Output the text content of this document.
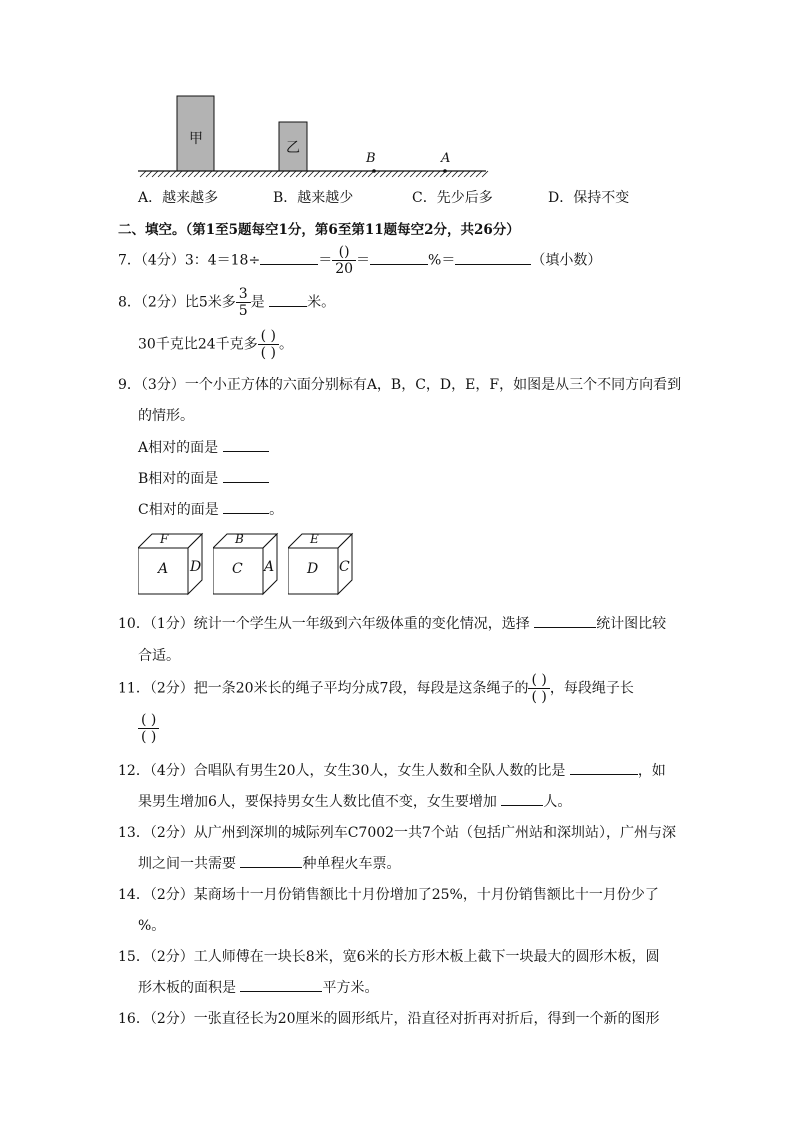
甲
乙
B	A
A．越来越多	B．越来越少	C．先少后多	D．保持不变
二、填空。（第1至5题每空1分，第6至第11题每空2分，共26分）
7．（4分）3：4＝18÷	＝ $\frac{()}{20}$ ＝	%＝	（填小数）
8．（2分）比5米多 $\frac{3}{5}$ 是	米。
30千克比24千克多 $\frac{( )}{( )}$ 。
9．（3分）一个小正方体的六面分别标有A，B，C，D，E，F，如图是从三个不同方向看到
的情形。
A相对的面是
B相对的面是
C相对的面是	。
F
A D
B
C A
E
D C
10．（1分）统计一个学生从一年级到六年级体重的变化情况，选择	统计图比较
合适。
11．（2分）把一条20米长的绳子平均分成7段，每段是这条绳子的 $\frac{( )}{( )}$ ，每段绳子长
$\frac{( )}{( )}$
12．（4分）合唱队有男生20人，女生30人，女生人数和全队人数的比是	，如
果男生增加6人，要保持男女生人数比值不变，女生要增加	人。
13．（2分）从广州到深圳的城际列车C7002一共7个站（包括广州站和深圳站），广州与深
圳之间一共需要	种单程火车票。
14．（2分）某商场十一月份销售额比十月份增加了25%，十月份销售额比十一月份少了
%。
15．（2分）工人师傅在一块长8米，宽6米的长方形木板上截下一块最大的圆形木板，圆
形木板的面积是	平方米。
16．（2分）一张直径长为20厘米的圆形纸片，沿直径对折再对折后，得到一个新的图形
